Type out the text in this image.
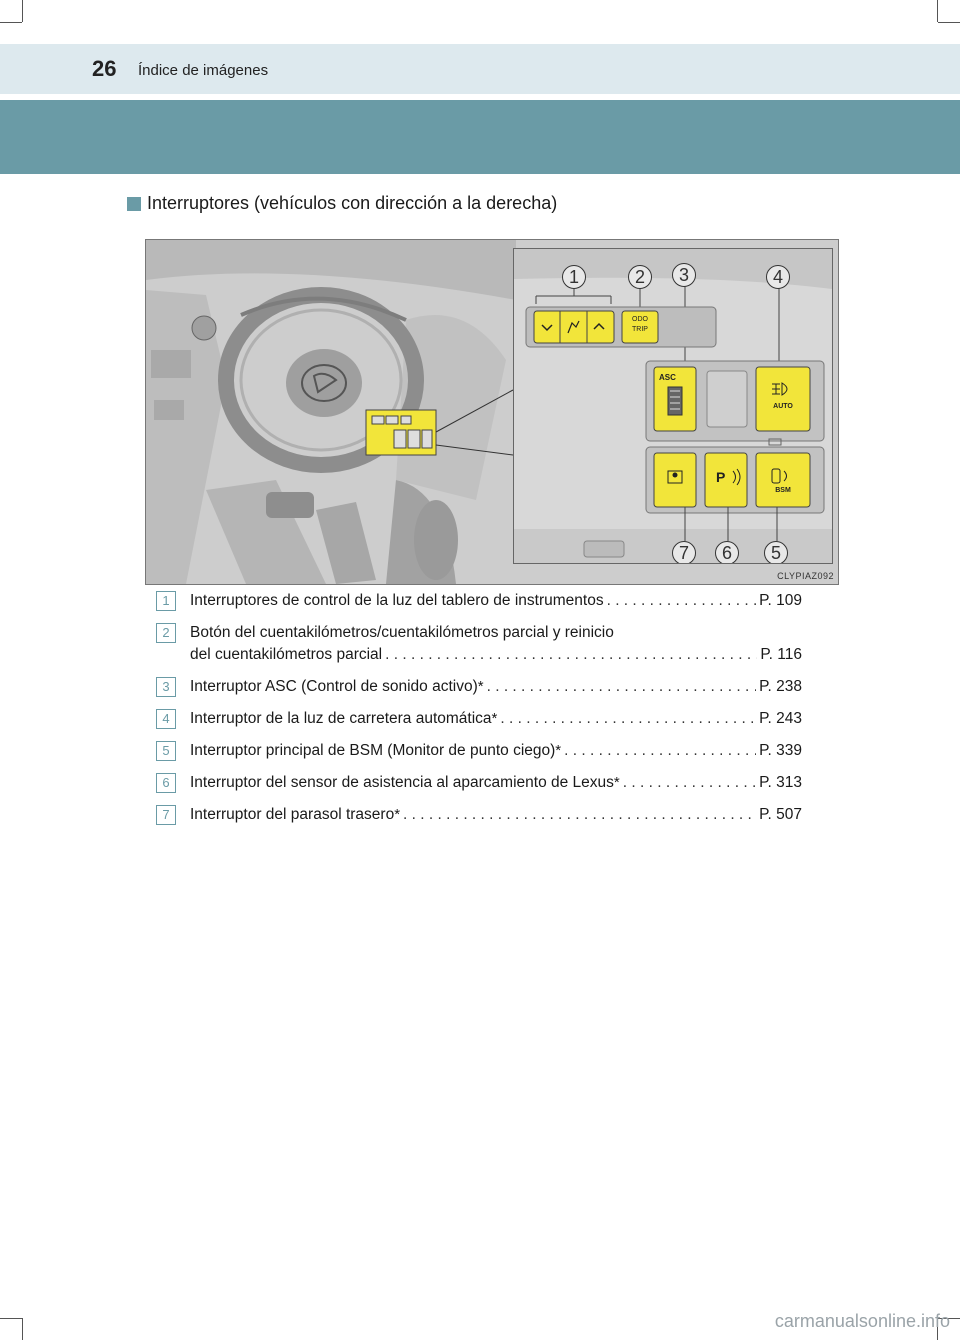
26 Índice de imágenes
Interruptores (vehículos con dirección a la derecha)
1	2	3	4
7	6	5
ODO
TRIP
ASC
AUTO
P
BSM
CLYPIAZ092
1	Interruptores de control de la luz del tablero de instrumentos . . .	P. 109
2	Botón del cuentakilómetros/cuentakilómetros parcial y reinicio
del cuentakilómetros parcial . . .	P. 116
3	Interruptor ASC (Control de sonido activo) * . . .	P. 238
4	Interruptor de la luz de carretera automática * . . .	P. 243
5	Interruptor principal de BSM (Monitor de punto ciego) * . . .	P. 339
6	Interruptor del sensor de asistencia al aparcamiento de Lexus * . . .	P. 313
7	Interruptor del parasol trasero * . . .	P. 507
carmanualsonline.info
